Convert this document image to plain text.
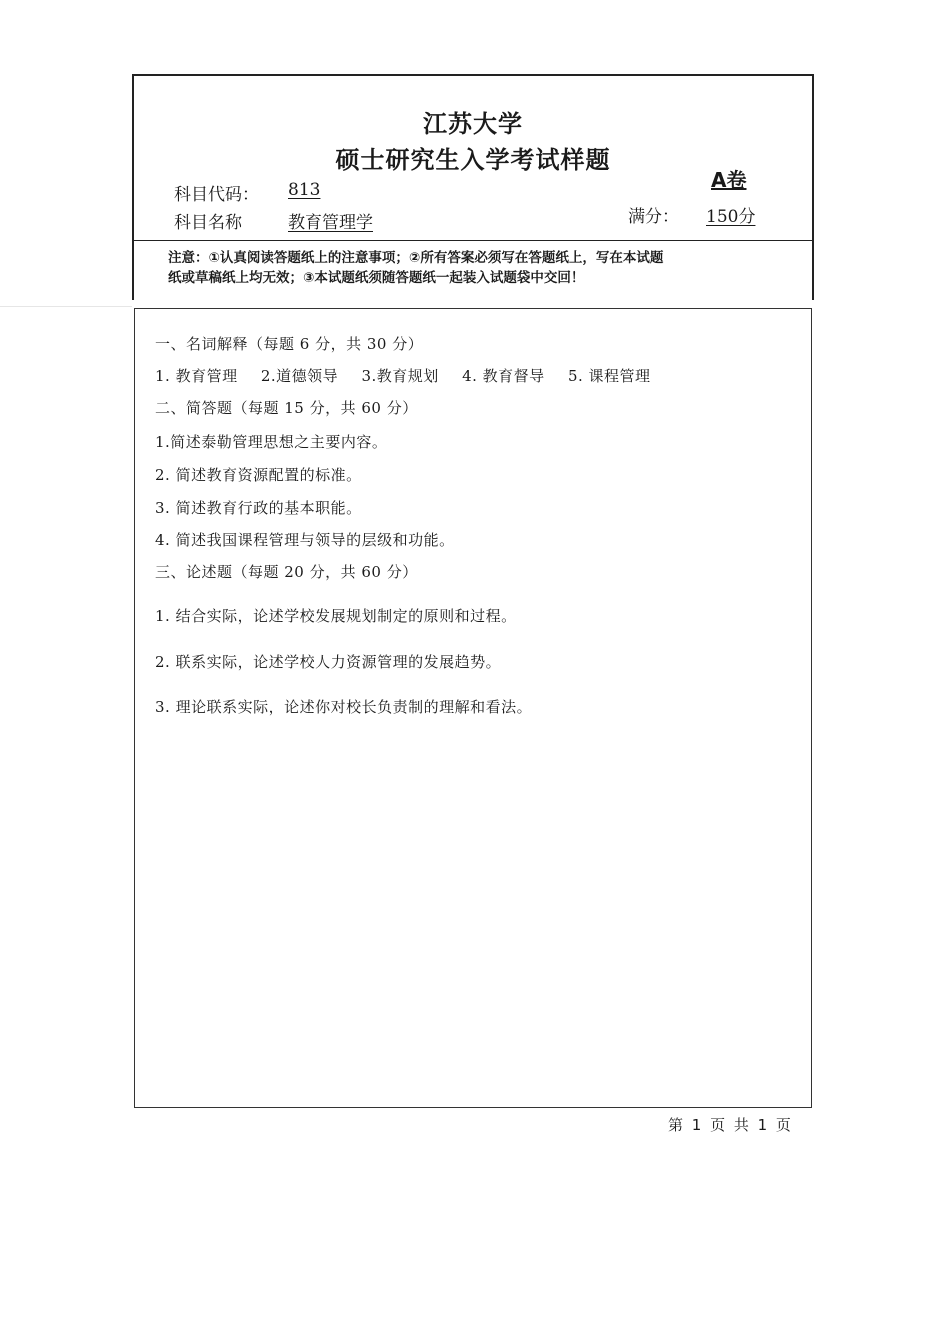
江苏大学
硕士研究生入学考试样题
A卷
科目代码： 813
科目名称	教育管理学	满分： 150分
注意：①认真阅读答题纸上的注意事项；②所有答案必须写在答题纸上，写在本试题
纸或草稿纸上均无效；③本试题纸须随答题纸一起装入试题袋中交回！
一、名词解释（每题 6 分，共 30 分）
1. 教育管理 2.道德领导 3.教育规划 4. 教育督导 5. 课程管理
二、简答题（每题 15 分，共 60 分）
1.简述泰勒管理思想之主要内容。
2. 简述教育资源配置的标准。
3. 简述教育行政的基本职能。
4. 简述我国课程管理与领导的层级和功能。
三、论述题（每题 20 分，共 60 分）
1. 结合实际，论述学校发展规划制定的原则和过程。
2. 联系实际，论述学校人力资源管理的发展趋势。
3. 理论联系实际，论述你对校长负责制的理解和看法。
第 1 页 共 1 页
